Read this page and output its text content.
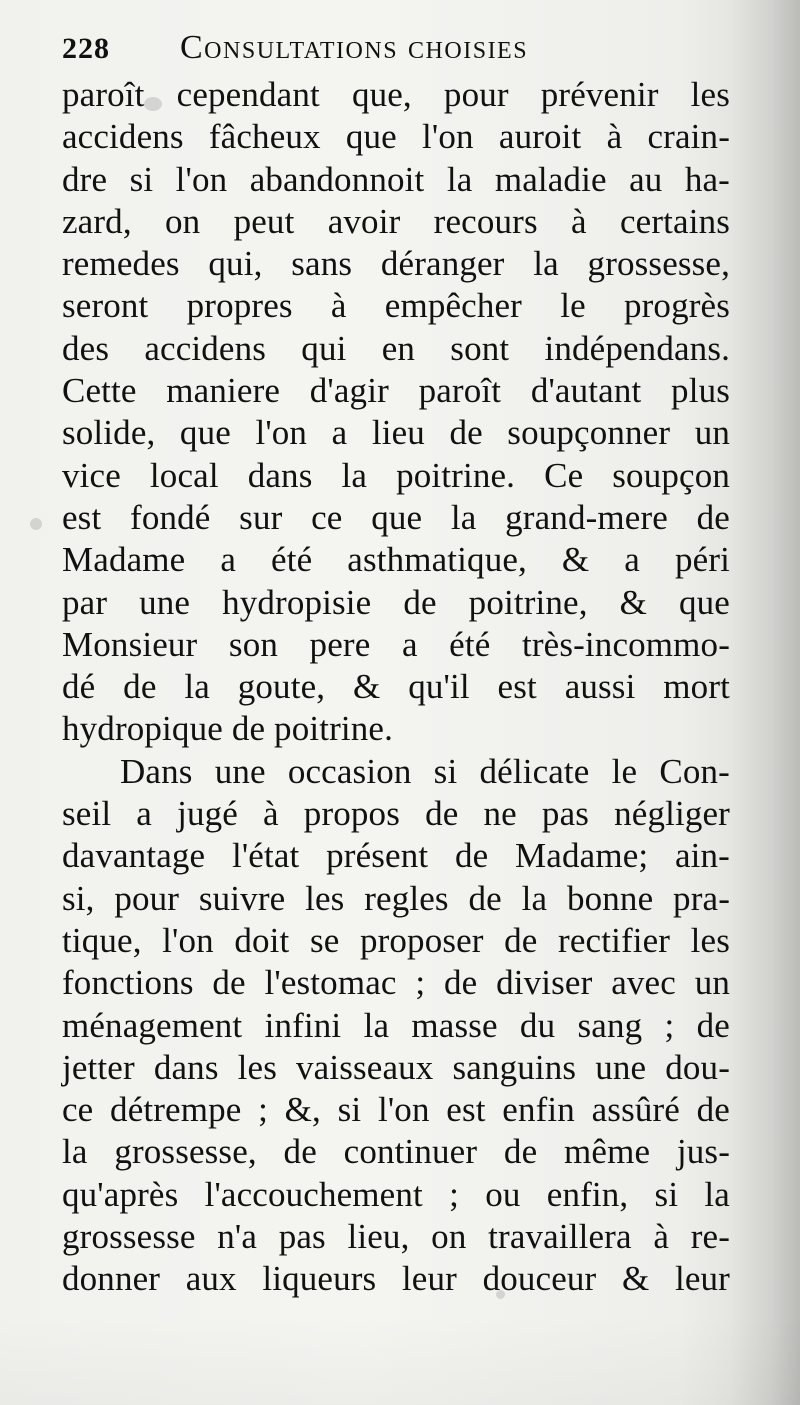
228	Consultations choisies
paroît cependant que, pour prévenir les
accidens fâcheux que l'on auroit à crain-
dre si l'on abandonnoit la maladie au ha-
zard, on peut avoir recours à certains
remedes qui, sans déranger la grossesse,
seront propres à empêcher le progrès
des accidens qui en sont indépendans.
Cette maniere d'agir paroît d'autant plus
solide, que l'on a lieu de soupçonner un
vice local dans la poitrine. Ce soupçon
est fondé sur ce que la grand-mere de
Madame a été asthmatique, & a péri
par une hydropisie de poitrine, & que
Monsieur son pere a été très-incommo-
dé de la goute, & qu'il est aussi mort
hydropique de poitrine.
Dans une occasion si délicate le Con-
seil a jugé à propos de ne pas négliger
davantage l'état présent de Madame; ain-
si, pour suivre les regles de la bonne pra-
tique, l'on doit se proposer de rectifier les
fonctions de l'estomac ; de diviser avec un
ménagement infini la masse du sang ; de
jetter dans les vaisseaux sanguins une dou-
ce détrempe ; &, si l'on est enfin assûré de
la grossesse, de continuer de même jus-
qu'après l'accouchement ; ou enfin, si la
grossesse n'a pas lieu, on travaillera à re-
donner aux liqueurs leur douceur & leur
